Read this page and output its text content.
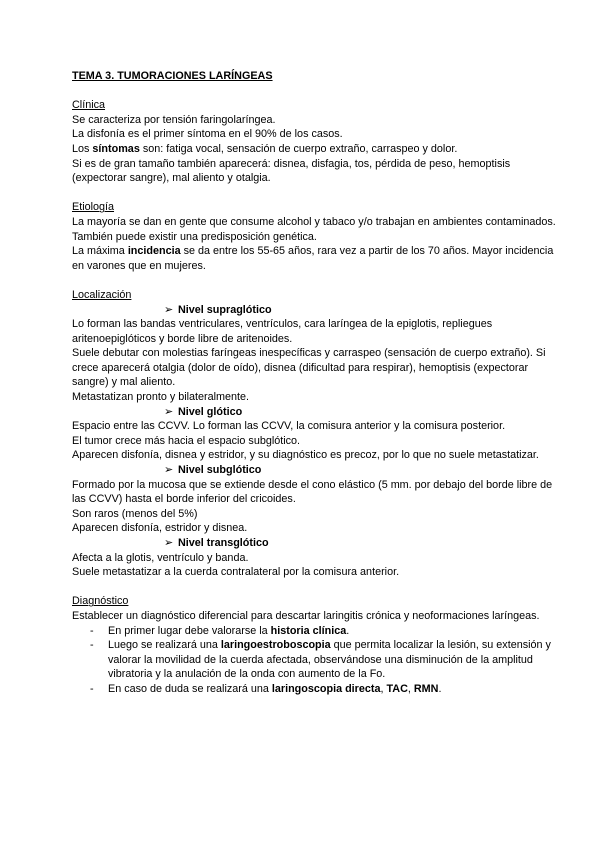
TEMA 3. TUMORACIONES LARÍNGEAS

Clínica

Se caracteriza por tensión faringolaríngea.

La disfonía es el primer síntoma en el 90% de los casos.

Los síntomas son: fatiga vocal, sensación de cuerpo extraño, carraspeo y dolor.

Si es de gran tamaño también aparecerá: disnea, disfagia, tos, pérdida de peso, hemoptisis (expectorar sangre), mal aliento y otalgia.

Etiología

La mayoría se dan en gente que consume alcohol y tabaco y/o trabajan en ambientes contaminados. También puede existir una predisposición genética.

La máxima incidencia se da entre los 55-65 años, rara vez a partir de los 70 años. Mayor incidencia en varones que en mujeres.

Localización

➢ Nivel supraglótico

Lo forman las bandas ventriculares, ventrículos, cara laríngea de la epiglotis, repliegues aritenoepiglóticos y borde libre de aritenoides.

Suele debutar con molestias faríngeas inespecíficas y carraspeo (sensación de cuerpo extraño). Si crece aparecerá otalgia (dolor de oído), disnea (dificultad para respirar), hemoptisis (expectorar sangre) y mal aliento.

Metastatizan pronto y bilateralmente.

➢ Nivel glótico

Espacio entre las CCVV. Lo forman las CCVV, la comisura anterior y la comisura posterior.

El tumor crece más hacia el espacio subglótico.

Aparecen disfonía, disnea y estridor, y su diagnóstico es precoz, por lo que no suele metastatizar.

➢ Nivel subglótico

Formado por la mucosa que se extiende desde el cono elástico (5 mm. por debajo del borde libre de las CCVV) hasta el borde inferior del cricoides.

Son raros (menos del 5%)

Aparecen disfonía, estridor y disnea.

➢ Nivel transglótico

Afecta a la glotis, ventrículo y banda.

Suele metastatizar a la cuerda contralateral por la comisura anterior.

Diagnóstico

Establecer un diagnóstico diferencial para descartar laringitis crónica y neoformaciones laríngeas.

- En primer lugar debe valorarse la historia clínica.
- Luego se realizará una laringoestroboscopia que permita localizar la lesión, su extensión y valorar la movilidad de la cuerda afectada, observándose una disminución de la amplitud vibratoria y la anulación de la onda con aumento de la Fo.
- En caso de duda se realizará una laringoscopia directa, TAC, RMN.
